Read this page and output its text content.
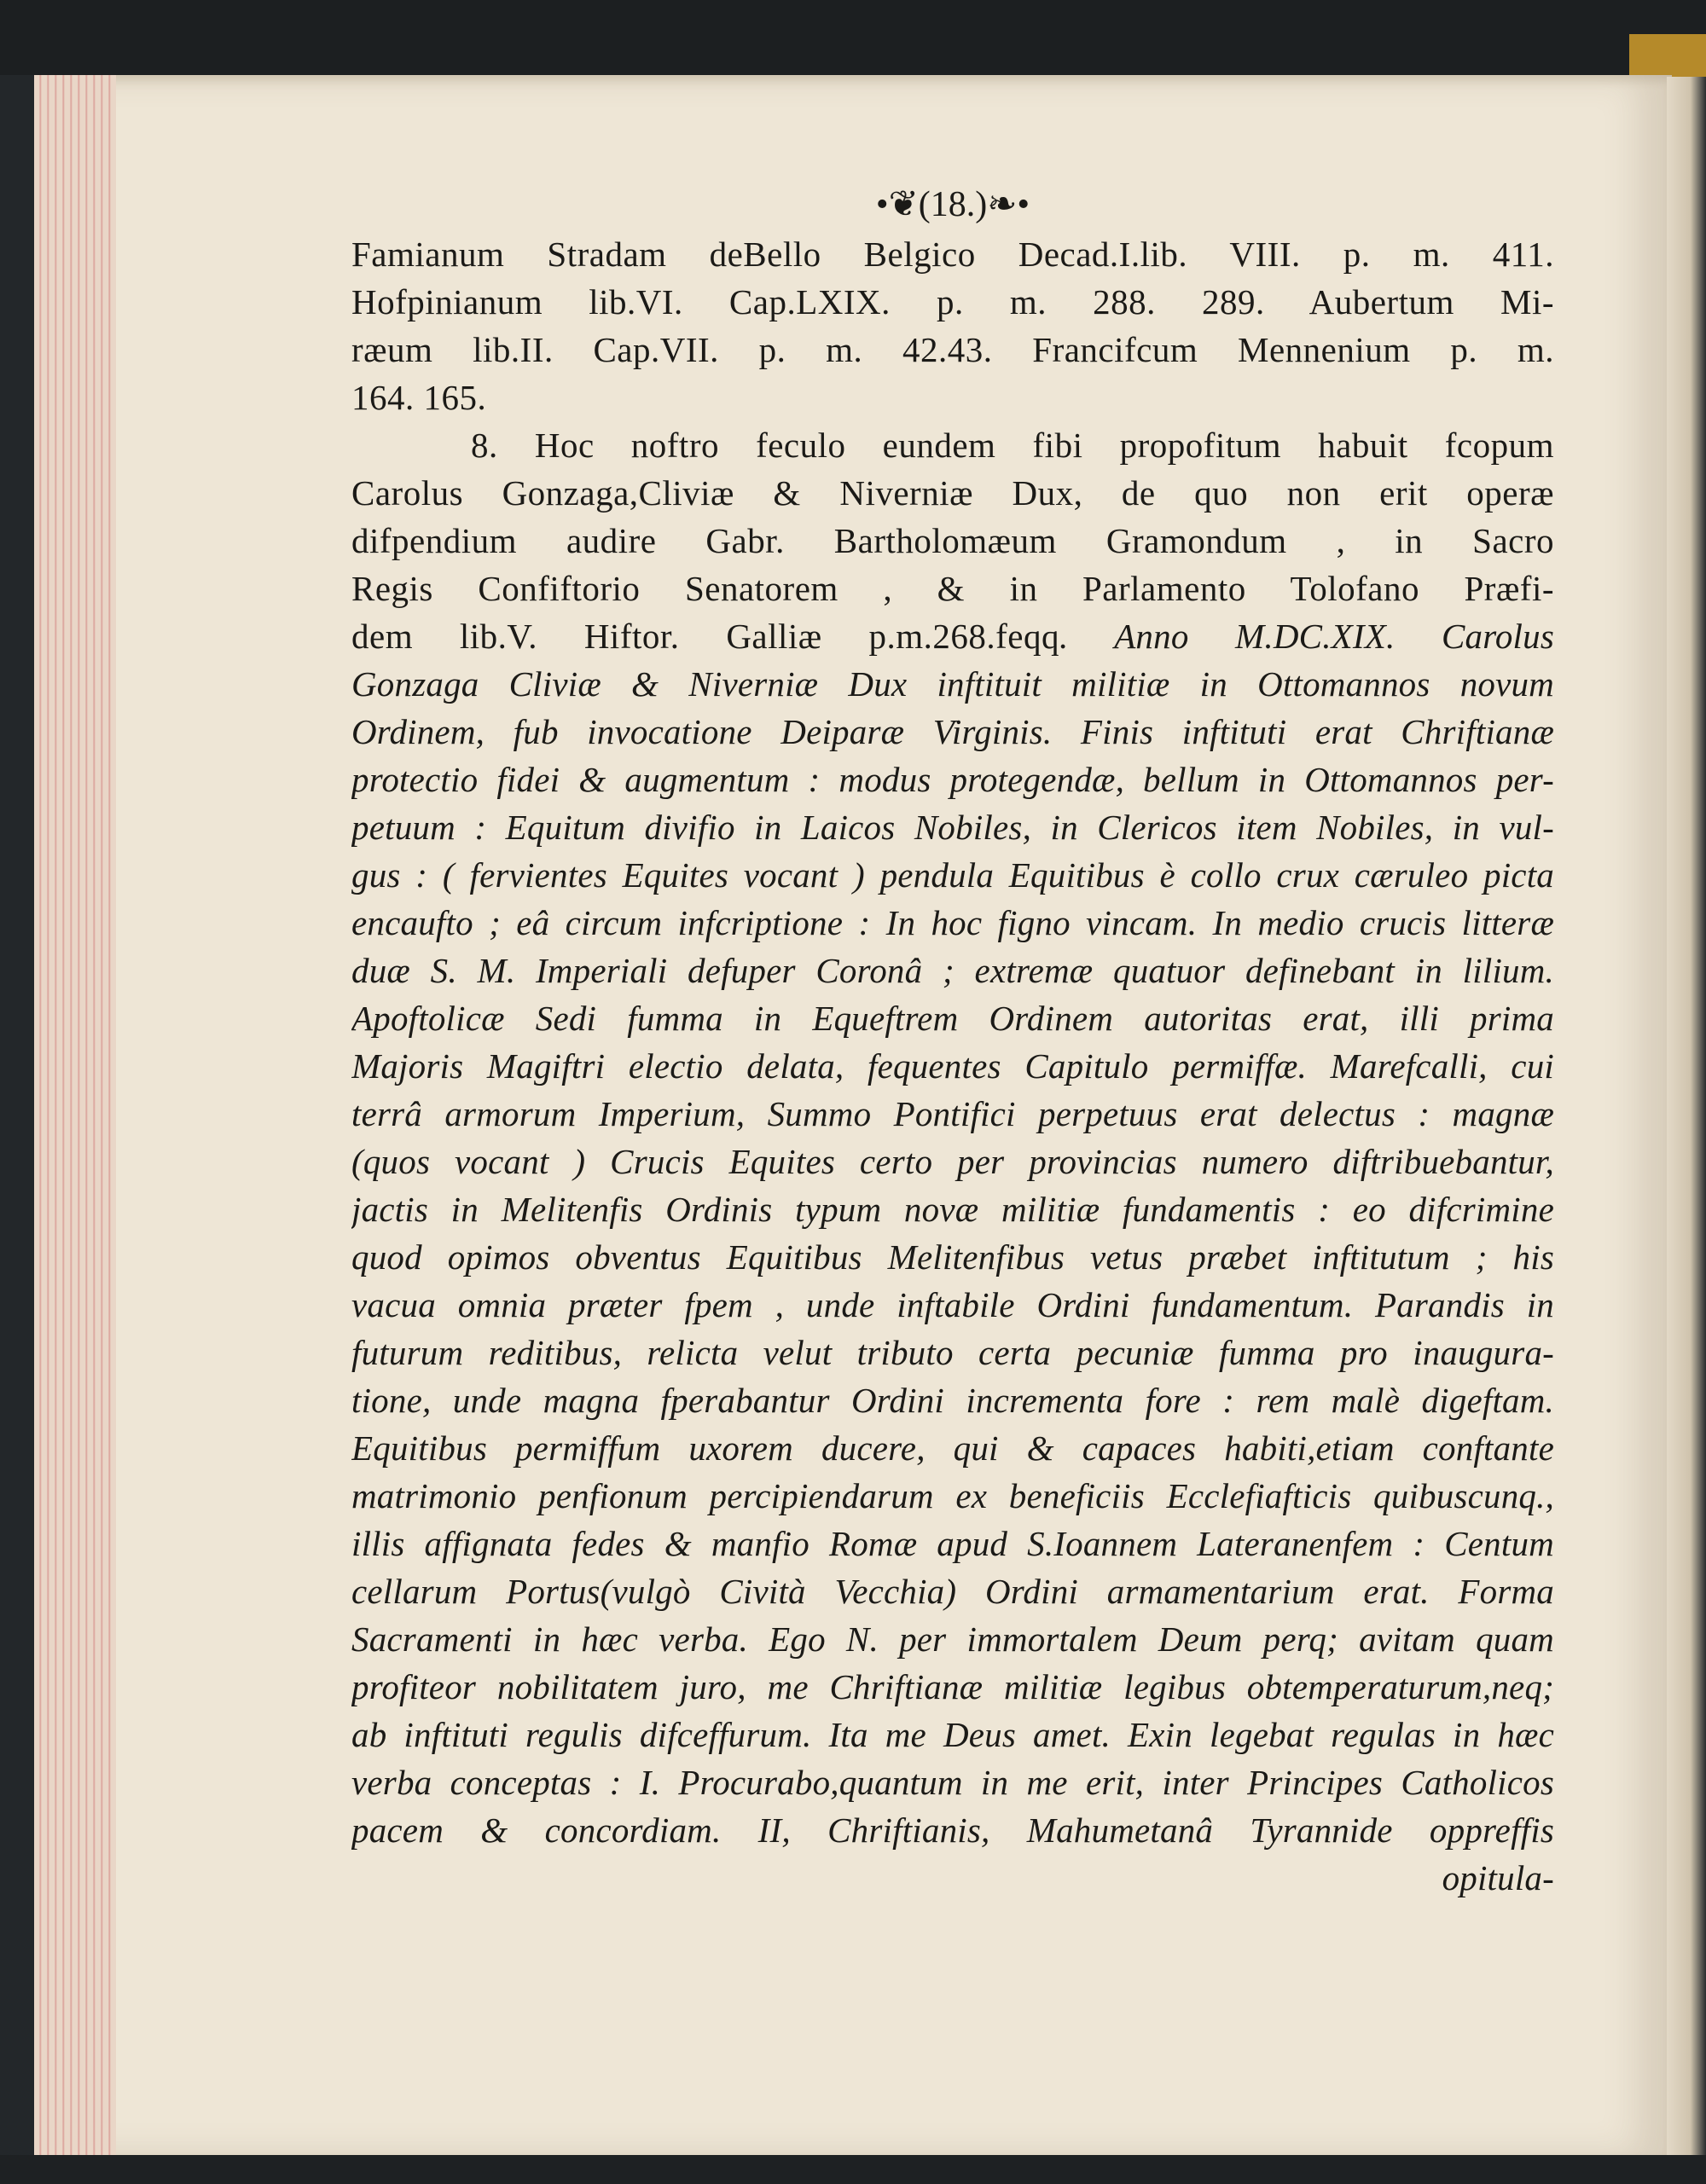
•❦(18.)❧•
Famianum Stradam deBello Belgico Decad.I.lib. VIII. p. m. 411.
Hofpinianum lib.VI. Cap.LXIX. p. m. 288. 289. Aubertum Mi-
ræum lib.II. Cap.VII. p. m. 42.43. Francifcum Mennenium p. m.
164. 165.
8. Hoc noftro feculo eundem fibi propofitum habuit fcopum
Carolus Gonzaga,Cliviæ & Niverniæ Dux, de quo non erit operæ
difpendium audire Gabr. Bartholomæum Gramondum , in Sacro
Regis Confiftorio Senatorem , & in Parlamento Tolofano Præfi-
dem lib.V. Hiftor. Galliæ p.m.268.feqq. Anno M.DC.XIX. Carolus
Gonzaga Cliviæ & Niverniæ Dux inftituit militiæ in Ottomannos novum
Ordinem, fub invocatione Deiparæ Virginis. Finis inftituti erat Chriftianæ
protectio fidei & augmentum : modus protegendæ, bellum in Ottomannos per-
petuum : Equitum divifio in Laicos Nobiles, in Clericos item Nobiles, in vul-
gus : ( fervientes Equites vocant ) pendula Equitibus è collo crux cæruleo picta
encaufto ; eâ circum infcriptione : In hoc figno vincam. In medio crucis litteræ
duæ S. M. Imperiali defuper Coronâ ; extremæ quatuor definebant in lilium.
Apoftolicæ Sedi fumma in Equeftrem Ordinem autoritas erat, illi prima
Majoris Magiftri electio delata, fequentes Capitulo permiffæ. Marefcalli, cui
terrâ armorum Imperium, Summo Pontifici perpetuus erat delectus : magnæ
(quos vocant ) Crucis Equites certo per provincias numero diftribuebantur,
jactis in Melitenfis Ordinis typum novæ militiæ fundamentis : eo difcrimine
quod opimos obventus Equitibus Melitenfibus vetus præbet inftitutum ; his
vacua omnia præter fpem , unde inftabile Ordini fundamentum. Parandis in
futurum reditibus, relicta velut tributo certa pecuniæ fumma pro inaugura-
tione, unde magna fperabantur Ordini incrementa fore : rem malè digeftam.
Equitibus permiffum uxorem ducere, qui & capaces habiti,etiam conftante
matrimonio penfionum percipiendarum ex beneficiis Ecclefiafticis quibuscunq.,
illis affignata fedes & manfio Romæ apud S.Ioannem Lateranenfem : Centum
cellarum Portus(vulgò Cività Vecchia) Ordini armamentarium erat. Forma
Sacramenti in hæc verba. Ego N. per immortalem Deum perq; avitam quam
profiteor nobilitatem juro, me Chriftianæ militiæ legibus obtemperaturum,neq;
ab inftituti regulis difceffurum. Ita me Deus amet. Exin legebat regulas in hæc
verba conceptas : I. Procurabo,quantum in me erit, inter Principes Catholicos
pacem & concordiam. II, Chriftianis, Mahumetanâ Tyrannide oppreffis
opitula-
